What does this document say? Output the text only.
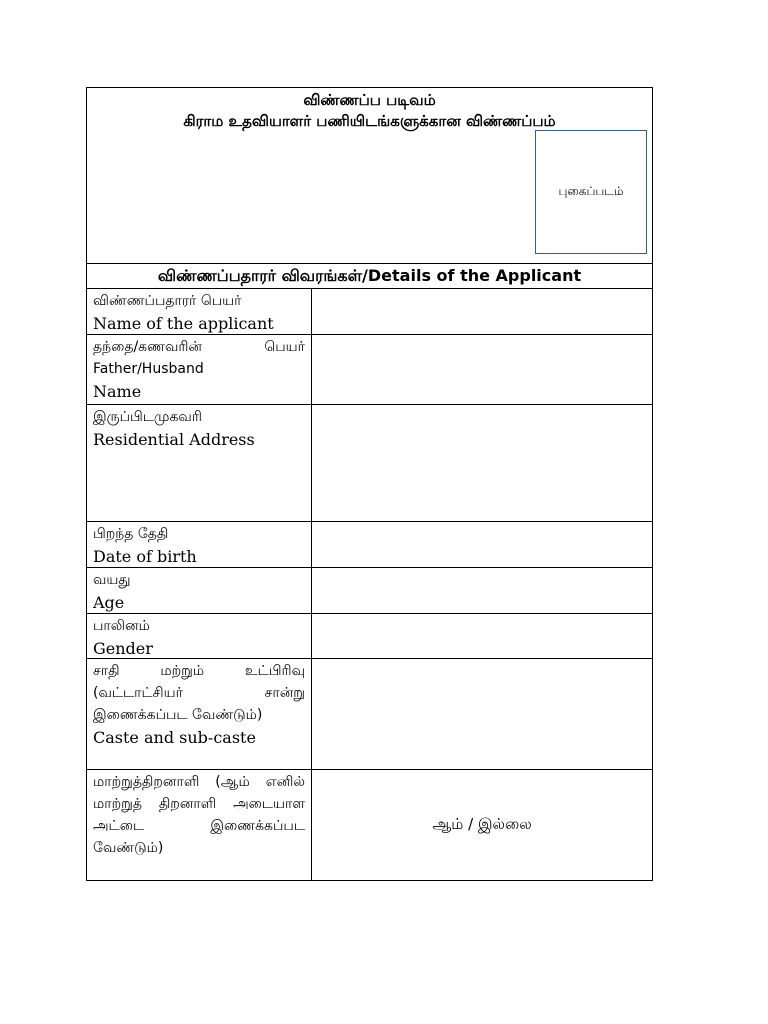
விண்ணப்ப படிவம்
கிராம உதவியாளர் பணியிடங்களுக்கான விண்ணப்பம்
புகைப்படம்
விண்ணப்பதாரர் விவரங்கள்/Details of the Applicant
விண்ணப்பதாரர் பெயர்
Name of the applicant
தந்தை/கணவரின் பெயர் Father/Husband
Name
இருப்பிடமுகவரி
Residential Address
பிறந்த தேதி
Date of birth
வயது
Age
பாலினம்
Gender
சாதி மற்றும் உட்பிரிவு (வட்டாட்சியர் சான்று இணைக்கப்பட வேண்டும்)
Caste and sub-caste
மாற்றுத்திறனாளி (ஆம் எனில் மாற்றுத் திறனாளி அடையாள அட்டை இணைக்கப்பட வேண்டும்)
ஆம் / இல்லை
